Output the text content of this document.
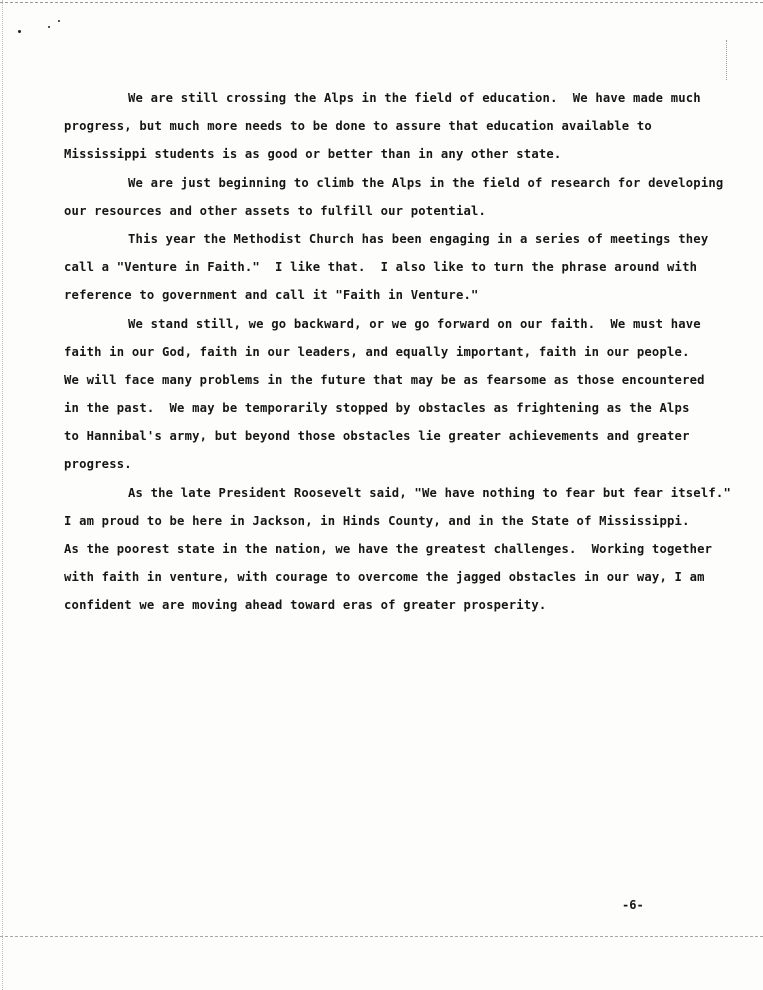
We are still crossing the Alps in the field of education.  We have made much
progress, but much more needs to be done to assure that education available to
Mississippi students is as good or better than in any other state.
We are just beginning to climb the Alps in the field of research for developing
our resources and other assets to fulfill our potential.
This year the Methodist Church has been engaging in a series of meetings they
call a "Venture in Faith."  I like that.  I also like to turn the phrase around with
reference to government and call it "Faith in Venture."
We stand still, we go backward, or we go forward on our faith.  We must have
faith in our God, faith in our leaders, and equally important, faith in our people.
We will face many problems in the future that may be as fearsome as those encountered
in the past.  We may be temporarily stopped by obstacles as frightening as the Alps
to Hannibal's army, but beyond those obstacles lie greater achievements and greater
progress.
As the late President Roosevelt said, "We have nothing to fear but fear itself."
I am proud to be here in Jackson, in Hinds County, and in the State of Mississippi.
As the poorest state in the nation, we have the greatest challenges.  Working together
with faith in venture, with courage to overcome the jagged obstacles in our way, I am
confident we are moving ahead toward eras of greater prosperity.
-6-
